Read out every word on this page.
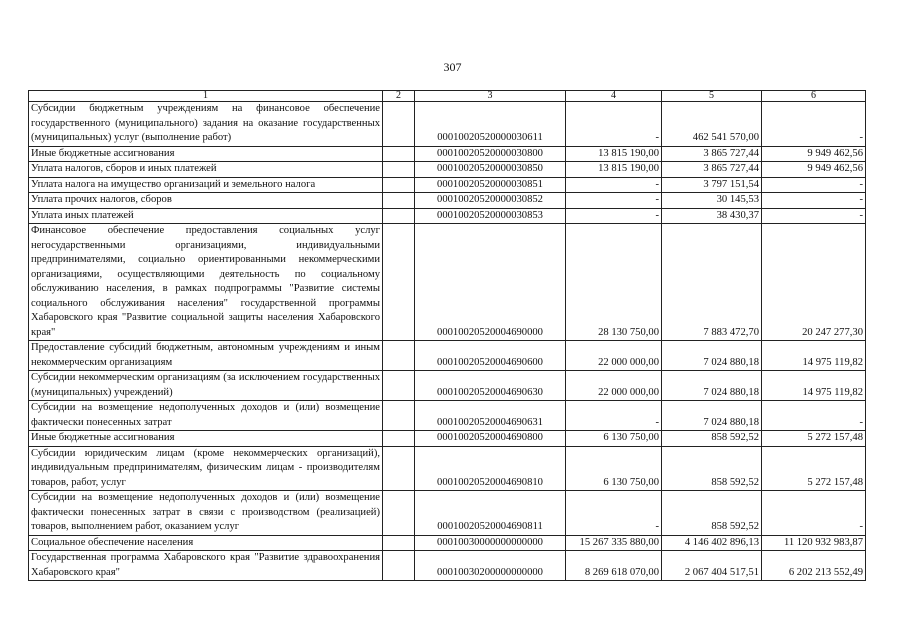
307
1	2	3	4	5	6
Субсидии бюджетным учреждениям на финансовое обеспечение государственного (муниципального) задания на оказание государственных (муниципальных) услуг (выполнение работ)		00010020520000030611	-	462 541 570,00	-
Иные бюджетные ассигнования		00010020520000030800	13 815 190,00	3 865 727,44	9 949 462,56
Уплата налогов, сборов и иных платежей		00010020520000030850	13 815 190,00	3 865 727,44	9 949 462,56
Уплата налога на имущество организаций и земельного налога		00010020520000030851	-	3 797 151,54	-
Уплата прочих налогов, сборов		00010020520000030852	-	30 145,53	-
Уплата иных платежей		00010020520000030853	-	38 430,37	-
Финансовое обеспечение предоставления социальных услуг негосударственными организациями, индивидуальными предпринимателями, социально ориентированными некоммерческими организациями, осуществляющими деятельность по социальному обслуживанию населения, в рамках подпрограммы "Развитие системы социального обслуживания населения" государственной программы Хабаровского края "Развитие социальной защиты населения Хабаровского края"		00010020520004690000	28 130 750,00	7 883 472,70	20 247 277,30
Предоставление субсидий бюджетным, автономным учреждениям и иным некоммерческим организациям		00010020520004690600	22 000 000,00	7 024 880,18	14 975 119,82
Субсидии некоммерческим организациям (за исключением государственных (муниципальных) учреждений)		00010020520004690630	22 000 000,00	7 024 880,18	14 975 119,82
Субсидии на возмещение недополученных доходов и (или) возмещение фактически понесенных затрат		00010020520004690631	-	7 024 880,18	-
Иные бюджетные ассигнования		00010020520004690800	6 130 750,00	858 592,52	5 272 157,48
Субсидии юридическим лицам (кроме некоммерческих организаций), индивидуальным предпринимателям, физическим лицам - производителям товаров, работ, услуг		00010020520004690810	6 130 750,00	858 592,52	5 272 157,48
Субсидии на возмещение недополученных доходов и (или) возмещение фактически понесенных затрат в связи с производством (реализацией) товаров, выполнением работ, оказанием услуг		00010020520004690811	-	858 592,52	-
Социальное обеспечение населения		00010030000000000000	15 267 335 880,00	4 146 402 896,13	11 120 932 983,87
Государственная программа Хабаровского края "Развитие здравоохранения Хабаровского края"		00010030200000000000	8 269 618 070,00	2 067 404 517,51	6 202 213 552,49
